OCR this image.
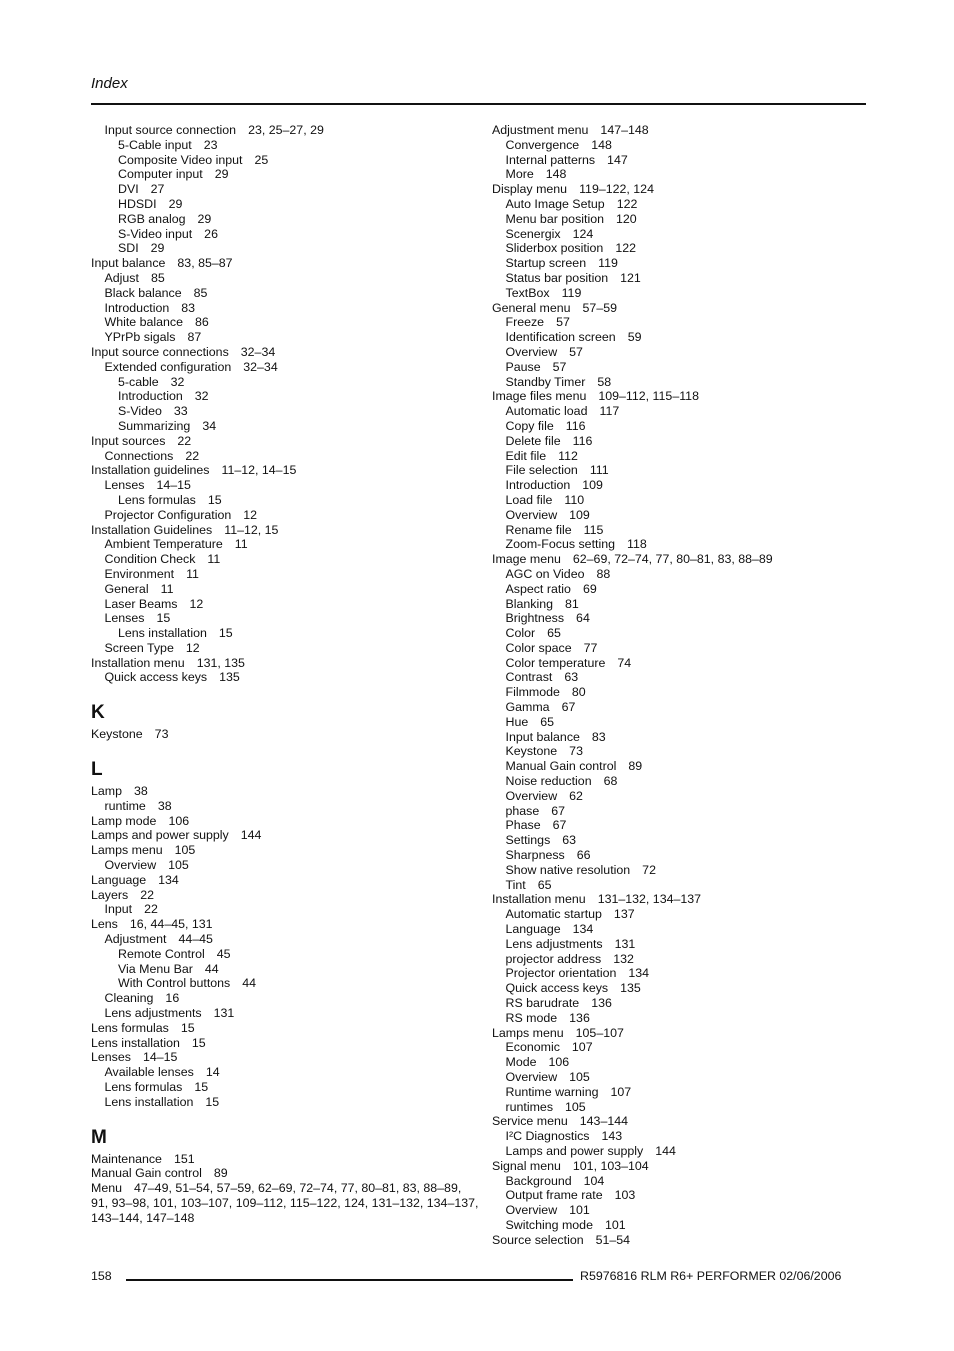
Index
Input source connection 23, 25–27, 29
5-Cable input 23
Composite Video input 25
Computer input 29
DVI 27
HDSDI 29
RGB analog 29
S-Video input 26
SDI 29
Input balance 83, 85–87
Adjust 85
Black balance 85
Introduction 83
White balance 86
YPrPb sigals 87
Input source connections 32–34
Extended configuration 32–34
5-cable 32
Introduction 32
S-Video 33
Summarizing 34
Input sources 22
Connections 22
Installation guidelines 11–12, 14–15
Lenses 14–15
Lens formulas 15
Projector Configuration 12
Installation Guidelines 11–12, 15
Ambient Temperature 11
Condition Check 11
Environment 11
General 11
Laser Beams 12
Lenses 15
Lens installation 15
Screen Type 12
Installation menu 131, 135
Quick access keys 135
K
Keystone 73
L
Lamp 38
runtime 38
Lamp mode 106
Lamps and power supply 144
Lamps menu 105
Overview 105
Language 134
Layers 22
Input 22
Lens 16, 44–45, 131
Adjustment 44–45
Remote Control 45
Via Menu Bar 44
With Control buttons 44
Cleaning 16
Lens adjustments 131
Lens formulas 15
Lens installation 15
Lenses 14–15
Available lenses 14
Lens formulas 15
Lens installation 15
M
Maintenance 151
Manual Gain control 89
Menu 47–49, 51–54, 57–59, 62–69, 72–74, 77, 80–81, 83, 88–89, 91, 93–98, 101, 103–107, 109–112, 115–122, 124, 131–132, 134–137, 143–144, 147–148
Adjustment menu 147–148
Convergence 148
Internal patterns 147
More 148
Display menu 119–122, 124
Auto Image Setup 122
Menu bar position 120
Scenergix 124
Sliderbox position 122
Startup screen 119
Status bar position 121
TextBox 119
General menu 57–59
Freeze 57
Identification screen 59
Overview 57
Pause 57
Standby Timer 58
Image files menu 109–112, 115–118
Automatic load 117
Copy file 116
Delete file 116
Edit file 112
File selection 111
Introduction 109
Load file 110
Overview 109
Rename file 115
Zoom-Focus setting 118
Image menu 62–69, 72–74, 77, 80–81, 83, 88–89
AGC on Video 88
Aspect ratio 69
Blanking 81
Brightness 64
Color 65
Color space 77
Color temperature 74
Contrast 63
Filmmode 80
Gamma 67
Hue 65
Input balance 83
Keystone 73
Manual Gain control 89
Noise reduction 68
Overview 62
phase 67
Phase 67
Settings 63
Sharpness 66
Show native resolution 72
Tint 65
Installation menu 131–132, 134–137
Automatic startup 137
Language 134
Lens adjustments 131
projector address 132
Projector orientation 134
Quick access keys 135
RS barudrate 136
RS mode 136
Lamps menu 105–107
Economic 107
Mode 106
Overview 105
Runtime warning 107
runtimes 105
Service menu 143–144
I²C Diagnostics 143
Lamps and power supply 144
Signal menu 101, 103–104
Background 104
Output frame rate 103
Overview 101
Switching mode 101
Source selection 51–54
158	R5976816 RLM R6+ PERFORMER 02/06/2006
